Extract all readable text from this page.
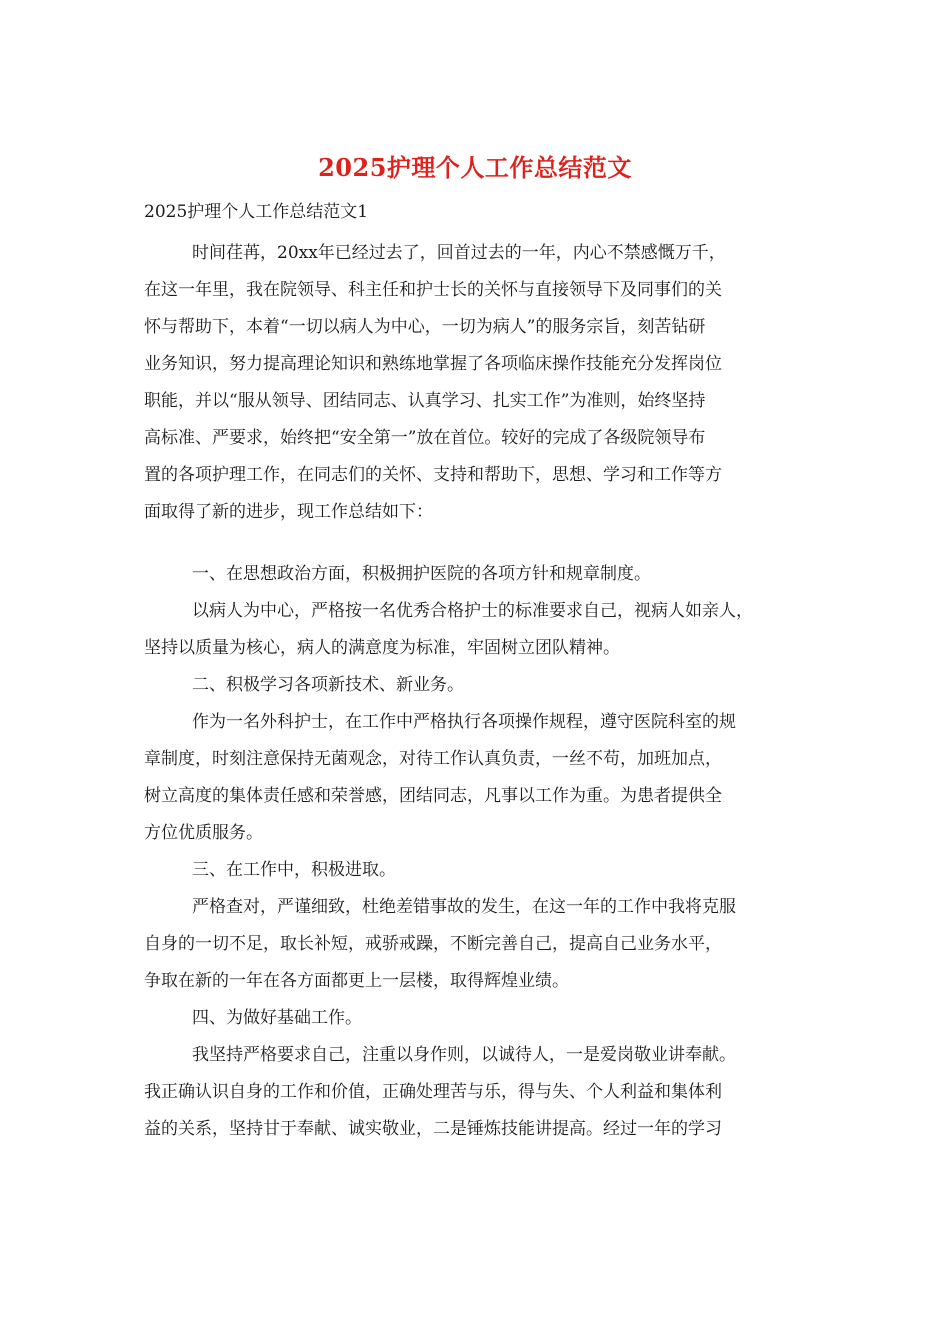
2025护理个人工作总结范文
2025护理个人工作总结范文1
时间荏苒，20xx年已经过去了，回首过去的一年，内心不禁感慨万千，
在这一年里，我在院领导、科主任和护士长的关怀与直接领导下及同事们的关
怀与帮助下，本着“一切以病人为中心，一切为病人”的服务宗旨，刻苦钻研
业务知识，努力提高理论知识和熟练地掌握了各项临床操作技能充分发挥岗位
职能，并以“服从领导、团结同志、认真学习、扎实工作”为准则，始终坚持
高标准、严要求，始终把“安全第一”放在首位。较好的完成了各级院领导布
置的各项护理工作，在同志们的关怀、支持和帮助下，思想、学习和工作等方
面取得了新的进步，现工作总结如下：
一、在思想政治方面，积极拥护医院的各项方针和规章制度。
以病人为中心，严格按一名优秀合格护士的标准要求自己，视病人如亲人，
坚持以质量为核心，病人的满意度为标准，牢固树立团队精神。
二、积极学习各项新技术、新业务。
作为一名外科护士，在工作中严格执行各项操作规程，遵守医院科室的规
章制度，时刻注意保持无菌观念，对待工作认真负责，一丝不苟，加班加点，
树立高度的集体责任感和荣誉感，团结同志，凡事以工作为重。为患者提供全
方位优质服务。
三、在工作中，积极进取。
严格查对，严谨细致，杜绝差错事故的发生，在这一年的工作中我将克服
自身的一切不足，取长补短，戒骄戒躁，不断完善自己，提高自己业务水平，
争取在新的一年在各方面都更上一层楼，取得辉煌业绩。
四、为做好基础工作。
我坚持严格要求自己，注重以身作则，以诚待人，一是爱岗敬业讲奉献。
我正确认识自身的工作和价值，正确处理苦与乐，得与失、个人利益和集体利
益的关系，坚持甘于奉献、诚实敬业，二是锤炼技能讲提高。经过一年的学习
